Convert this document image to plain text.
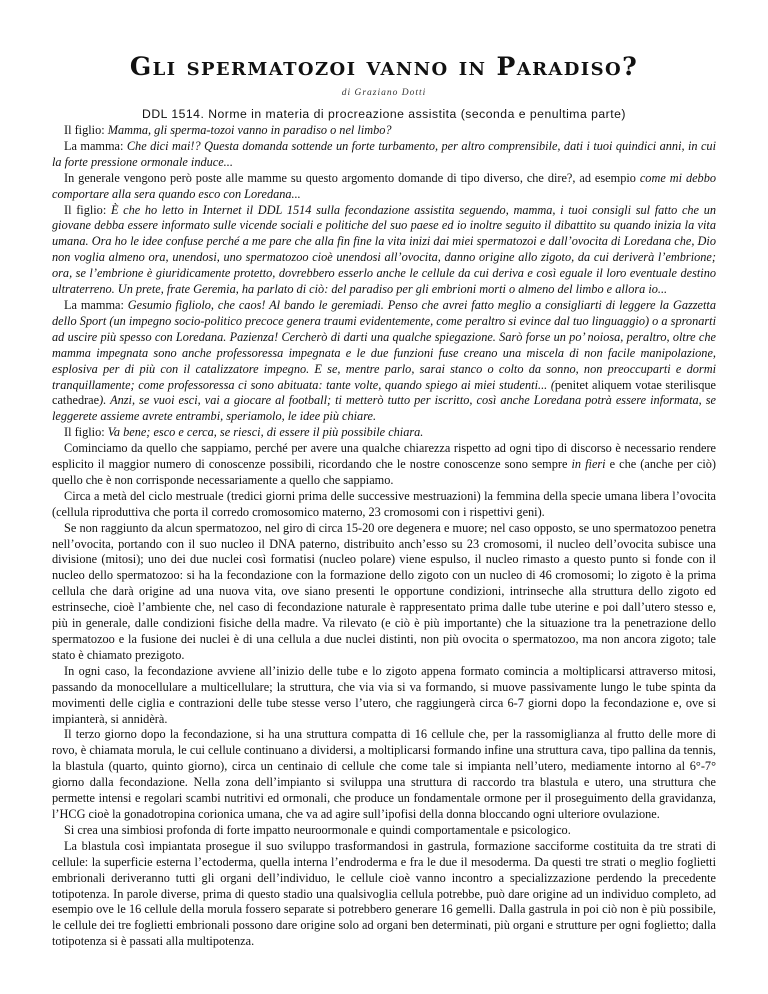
Gli spermatozoi vanno in Paradiso?
di Graziano Dotti
DDL 1514. Norme in materia di procreazione assistita (seconda e penultima parte)

Il figlio: Mamma, gli sperma-tozoi vanno in paradiso o nel limbo?

La mamma: Che dici mai!? Questa domanda sottende un forte turbamento, per altro comprensibile, dati i tuoi quindici anni, in cui la forte pressione ormonale induce...

In generale vengono però poste alle mamme su questo argomento domande di tipo diverso, che dire?, ad esempio come mi debbo comportare alla sera quando esco con Loredana...

Il figlio: È che ho letto in Internet il DDL 1514 sulla fecondazione assistita seguendo, mamma, i tuoi consigli sul fatto che un giovane debba essere informato sulle vicende sociali e politiche del suo paese ed io inoltre seguito il dibattito su quando inizia la vita umana. Ora ho le idee confuse perché a me pare che alla fin fine la vita inizi dai miei spermatozoi e dall’ovocita di Loredana che, Dio non voglia almeno ora, unendosi, uno spermatozoo cioè unendosi all’ovocita, danno origine allo zigoto, da cui deriverà l’embrione; ora, se l’embrione è giuridicamente protetto, dovrebbero esserlo anche le cellule da cui deriva e così eguale il loro eventuale destino ultraterreno. Un prete, frate Geremia, ha parlato di ciò: del paradiso per gli embrioni morti o almeno del limbo e allora io...

La mamma: Gesumio figliolo, che caos! Al bando le geremiadi. Penso che avrei fatto meglio a consigliarti di leggere la Gazzetta dello Sport (un impegno socio-politico precoce genera traumi evidentemente, come peraltro si evince dal tuo linguaggio) o a spronarti ad uscire più spesso con Loredana. Pazienza! Cercherò di darti una qualche spiegazione. Sarò forse un po’ noiosa, peraltro, oltre che mamma impegnata sono anche professoressa impegnata e le due funzioni fuse creano una miscela di non facile manipolazione, esplosiva per di più con il catalizzatore impegno. E se, mentre parlo, sarai stanco o colto da sonno, non preoccuparti e dormi tranquillamente; come professoressa ci sono abituata: tante volte, quando spiego ai miei studenti... (penitet aliquem votae sterilisque cathedrae). Anzi, se vuoi esci, vai a giocare al football; ti metterò tutto per iscritto, così anche Loredana potrà essere informata, se leggerete assieme avrete entrambi, speriamolo, le idee più chiare.

Il figlio: Va bene; esco e cerca, se riesci, di essere il più possibile chiara.

Cominciamo da quello che sappiamo, perché per avere una qualche chiarezza rispetto ad ogni tipo di discorso è necessario rendere esplicito il maggior numero di conoscenze possibili, ricordando che le nostre conoscenze sono sempre in fieri e che (anche per ciò) quello che è non corrisponde necessariamente a quello che sappiamo.

Circa a metà del ciclo mestruale (tredici giorni prima delle successive mestruazioni) la femmina della specie umana libera l’ovocita (cellula riproduttiva che porta il corredo cromosomico materno, 23 cromosomi con i rispettivi geni).

Se non raggiunto da alcun spermatozoo, nel giro di circa 15-20 ore degenera e muore; nel caso opposto, se uno spermatozoo penetra nell’ovocita, portando con il suo nucleo il DNA paterno, distribuito anch’esso su 23 cromosomi, il nucleo dell’ovocita subisce una divisione (mitosi); uno dei due nuclei così formatisi (nucleo polare) viene espulso, il nucleo rimasto a questo punto si fonde con il nucleo dello spermatozoo: si ha la fecondazione con la formazione dello zigoto con un nucleo di 46 cromosomi; lo zigoto è la prima cellula che darà origine ad una nuova vita, ove siano presenti le opportune condizioni, intrinseche alla struttura dello zigoto ed estrinseche, cioè l’ambiente che, nel caso di fecondazione naturale è rappresentato prima dalle tube uterine e poi dall’utero stesso e, più in generale, dalle condizioni fisiche della madre. Va rilevato (e ciò è più importante) che la situazione tra la penetrazione dello spermatozoo e la fusione dei nuclei è di una cellula a due nuclei distinti, non più ovocita o spermatozoo, ma non ancora zigoto; tale stato è chiamato prezigoto.

In ogni caso, la fecondazione avviene all’inizio delle tube e lo zigoto appena formato comincia a moltiplicarsi attraverso mitosi, passando da monocellulare a multicellulare; la struttura, che via via si va formando, si muove passivamente lungo le tube spinta da movimenti delle ciglia e contrazioni delle tube stesse verso l’utero, che raggiungerà circa 6-7 giorni dopo la fecondazione e, ove si impianterà, si annidèrà.

Il terzo giorno dopo la fecondazione, si ha una struttura compatta di 16 cellule che, per la rassomiglianza al frutto delle more di rovo, è chiamata morula, le cui cellule continuano a dividersi, a moltiplicarsi formando infine una struttura cava, tipo pallina da tennis, la blastula (quarto, quinto giorno), circa un centinaio di cellule che come tale si impianta nell’utero, mediamente intorno al 6°-7° giorno dalla fecondazione. Nella zona dell’impianto si sviluppa una struttura di raccordo tra blastula e utero, una struttura che permette intensi e regolari scambi nutritivi ed ormonali, che produce un fondamentale ormone per il proseguimento della gravidanza, l’HCG cioè la gonadotropina corionica umana, che va ad agire sull’ipofisi della donna bloccando ogni ulteriore ovulazione.

Si crea una simbiosi profonda di forte impatto neuroormonale e quindi comportamentale e psicologico.

La blastula così impiantata prosegue il suo sviluppo trasformandosi in gastrula, formazione sacciforme costituita da tre strati di cellule: la superficie esterna l’ectoderma, quella interna l’endroderma e fra le due il mesoderma. Da questi tre strati o meglio foglietti embrionali deriveranno tutti gli organi dell’individuo, le cellule cioè vanno incontro a specializzazione perdendo la precedente totipotenza. In parole diverse, prima di questo stadio una qualsivoglia cellula potrebbe, può dare origine ad un individuo completo, ad esempio ove le 16 cellule della morula fossero separate si potrebbero generare 16 gemelli. Dalla gastrula in poi ciò non è più possibile, le cellule dei tre foglietti embrionali possono dare origine solo ad organi ben determinati, più organi e strutture per ogni foglietto; dalla totipotenza si è passati alla multipotenza.
